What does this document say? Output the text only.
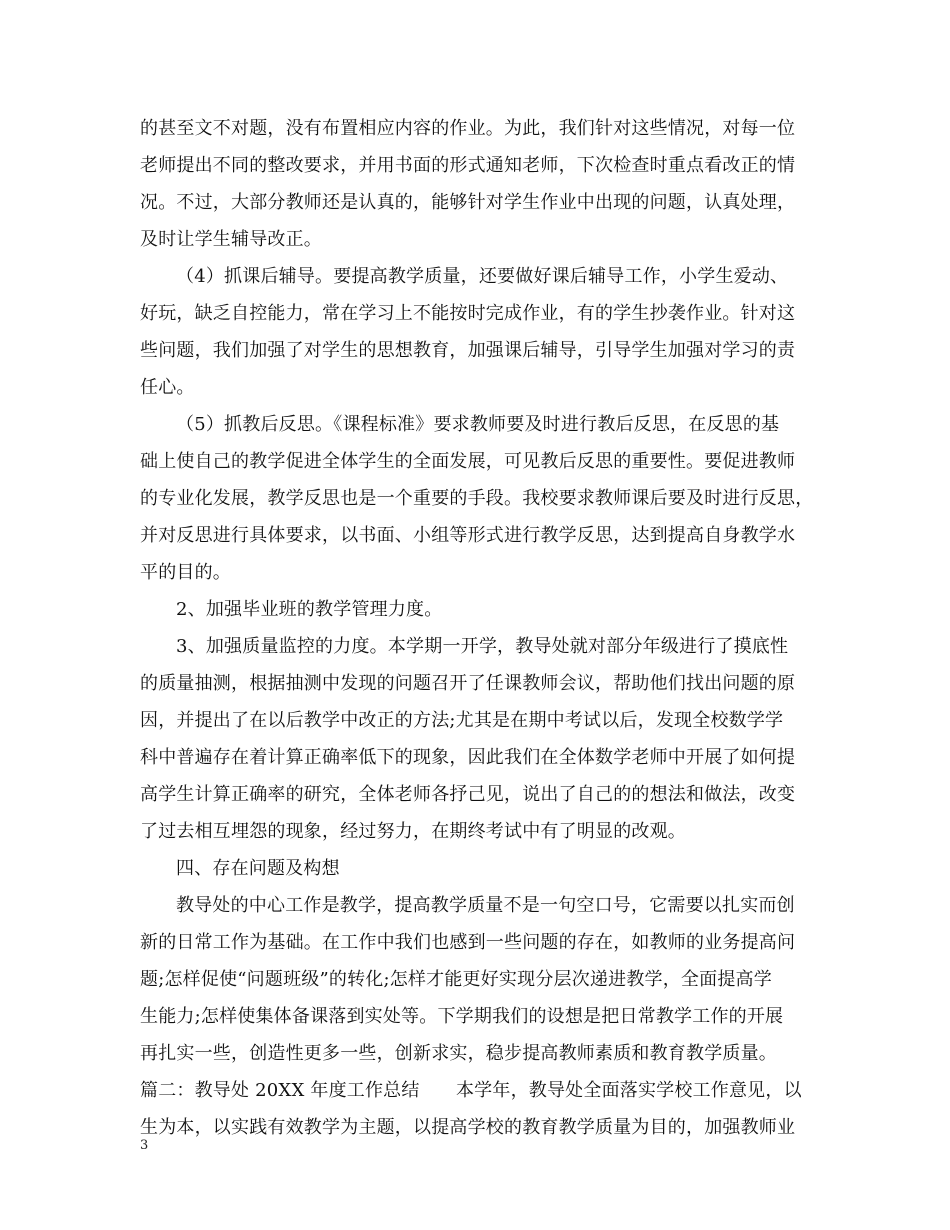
的甚至文不对题，没有布置相应内容的作业。为此，我们针对这些情况，对每一位
老师提出不同的整改要求，并用书面的形式通知老师，下次检查时重点看改正的情
况。不过，大部分教师还是认真的，能够针对学生作业中出现的问题，认真处理，
及时让学生辅导改正。
（4）抓课后辅导。要提高教学质量，还要做好课后辅导工作，小学生爱动、
好玩，缺乏自控能力，常在学习上不能按时完成作业，有的学生抄袭作业。针对这
些问题，我们加强了对学生的思想教育，加强课后辅导，引导学生加强对学习的责
任心。
（5）抓教后反思。《课程标准》要求教师要及时进行教后反思，在反思的基
础上使自己的教学促进全体学生的全面发展，可见教后反思的重要性。要促进教师
的专业化发展，教学反思也是一个重要的手段。我校要求教师课后要及时进行反思，
并对反思进行具体要求，以书面、小组等形式进行教学反思，达到提高自身教学水
平的目的。
2、加强毕业班的教学管理力度。
3、加强质量监控的力度。本学期一开学，教导处就对部分年级进行了摸底性
的质量抽测，根据抽测中发现的问题召开了任课教师会议，帮助他们找出问题的原
因，并提出了在以后教学中改正的方法;尤其是在期中考试以后，发现全校数学学
科中普遍存在着计算正确率低下的现象，因此我们在全体数学老师中开展了如何提
高学生计算正确率的研究，全体老师各抒己见，说出了自己的的想法和做法，改变
了过去相互埋怨的现象，经过努力，在期终考试中有了明显的改观。
四、存在问题及构想
教导处的中心工作是教学，提高教学质量不是一句空口号，它需要以扎实而创
新的日常工作为基础。在工作中我们也感到一些问题的存在，如教师的业务提高问
题;怎样促使“问题班级”的转化;怎样才能更好实现分层次递进教学，全面提高学
生能力;怎样使集体备课落到实处等。下学期我们的设想是把日常教学工作的开展
再扎实一些，创造性更多一些，创新求实，稳步提高教师素质和教育教学质量。
篇二：教导处 20XX 年度工作总结　　本学年，教导处全面落实学校工作意见，以
生为本，以实践有效教学为主题，以提高学校的教育教学质量为目的，加强教师业
3
